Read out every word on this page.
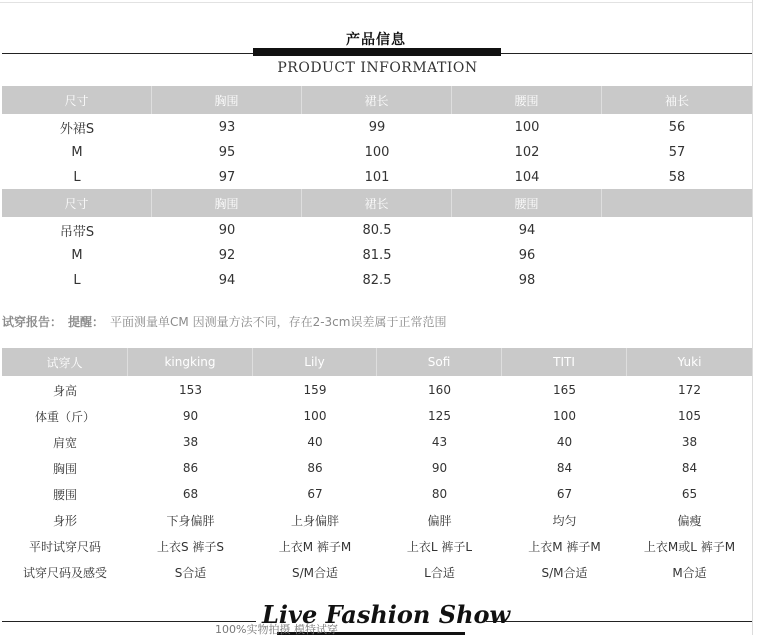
产品信息
PRODUCT INFORMATION
尺寸	胸围	裙长	腰围	袖长
外裙S	93	99	100	56
M	95	100	102	57
L	97	101	104	58
尺寸	胸围	裙长	腰围
吊带S	90	80.5	94
M	92	81.5	96
L	94	82.5	98
试穿报告： 提醒： 平面测量单CM 因测量方法不同，存在2-3cm误差属于正常范围
试穿人	kingking	Lily	Sofi	TITI	Yuki
身高	153	159	160	165	172
体重（斤）	90	100	125	100	105
肩宽	38	40	43	40	38
胸围	86	86	90	84	84
腰围	68	67	80	67	65
身形	下身偏胖	上身偏胖	偏胖	均匀	偏瘦
平时试穿尺码	上衣S 裤子S	上衣M 裤子M	上衣L 裤子L	上衣M 裤子M	上衣M或L 裤子M
试穿尺码及感受	S合适	S/M合适	L合适	S/M合适	M合适
Live Fashion Show
100%实物拍摄 模特试穿
